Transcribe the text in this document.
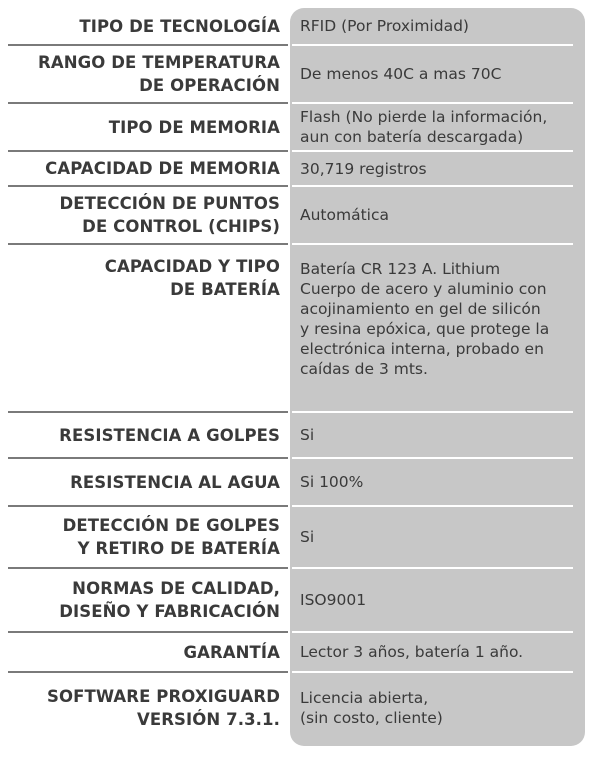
TIPO DE TECNOLOGÍA RFID (Por Proximidad)
RANGO DE TEMPERATURA
DE OPERACIÓN
De menos 40C a mas 70C
TIPO DE MEMORIA
Flash (No pierde la información,
aun con batería descargada)
CAPACIDAD DE MEMORIA 30,719 registros
DETECCIÓN DE PUNTOS
DE CONTROL (CHIPS)
Automática
CAPACIDAD Y TIPO
DE BATERÍA
Batería CR 123 A. Lithium
Cuerpo de acero y aluminio con
acojinamiento en gel de silicón
y resina epóxica, que protege la
electrónica interna, probado en
caídas de 3 mts.
RESISTENCIA A GOLPES Si
RESISTENCIA AL AGUA Si 100%
DETECCIÓN DE GOLPES
Y RETIRO DE BATERÍA
Si
NORMAS DE CALIDAD,
DISEÑO Y FABRICACIÓN
ISO9001
GARANTÍA Lector 3 años, batería 1 año.
SOFTWARE PROXIGUARD
VERSIÓN 7.3.1.
Licencia abierta,
(sin costo, cliente)
